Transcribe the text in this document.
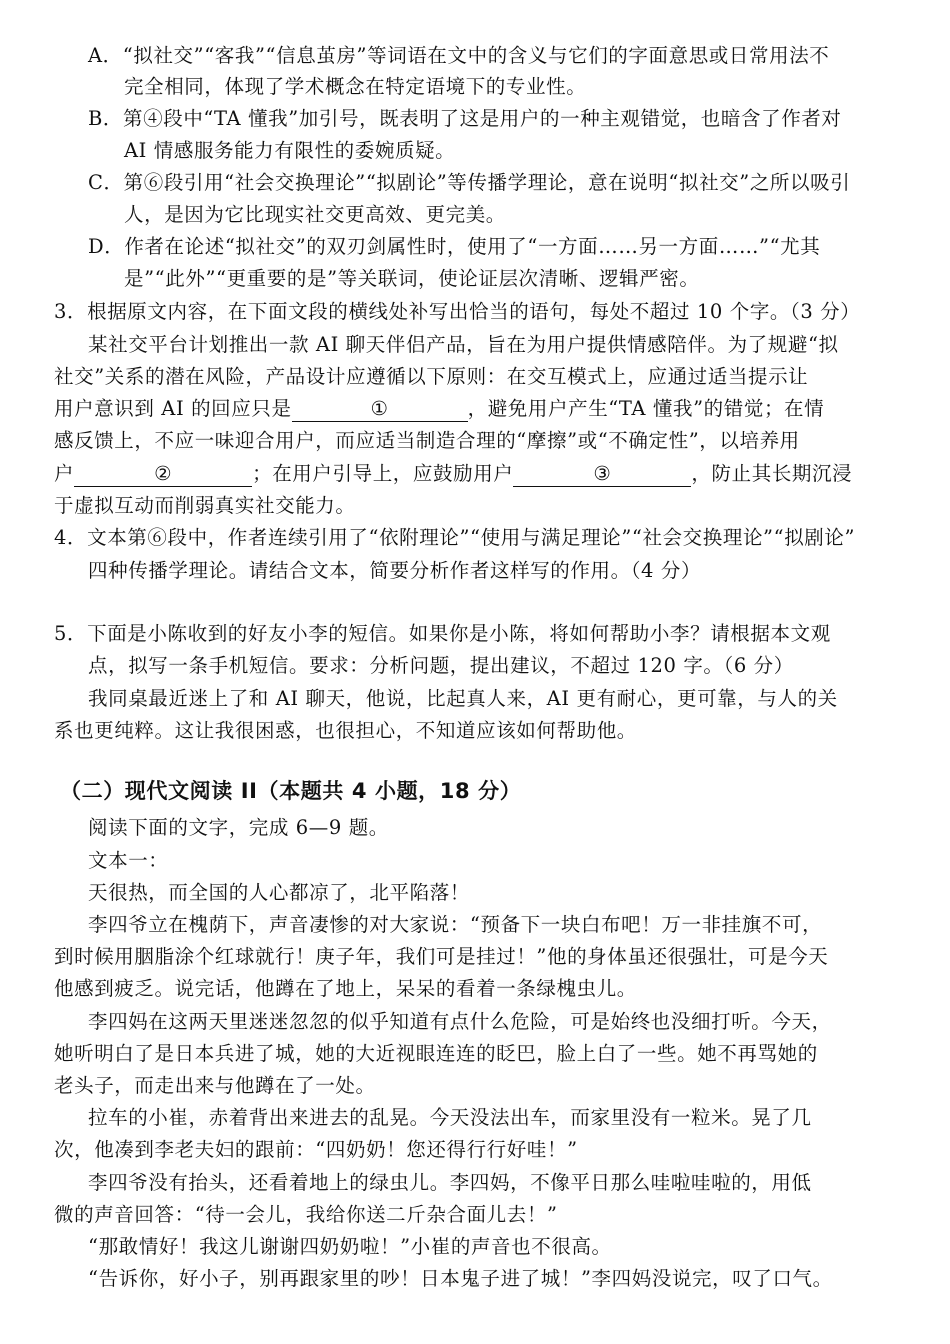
A．“拟社交”“客我”“信息茧房”等词语在文中的含义与它们的字面意思或日常用法不
完全相同，体现了学术概念在特定语境下的专业性。
B．第④段中“TA 懂我”加引号，既表明了这是用户的一种主观错觉，也暗含了作者对
AI 情感服务能力有限性的委婉质疑。
C．第⑥段引用“社会交换理论”“拟剧论”等传播学理论，意在说明“拟社交”之所以吸引
人，是因为它比现实社交更高效、更完美。
D．作者在论述“拟社交”的双刃剑属性时，使用了“一方面……另一方面……”“尤其
是”“此外”“更重要的是”等关联词，使论证层次清晰、逻辑严密。
3．根据原文内容，在下面文段的横线处补写出恰当的语句，每处不超过 10 个字。（3 分）
某社交平台计划推出一款 AI 聊天伴侣产品，旨在为用户提供情感陪伴。为了规避“拟
社交”关系的潜在风险，产品设计应遵循以下原则：在交互模式上，应通过适当提示让
用户意识到 AI 的回应只是	①	，避免用户产生“TA 懂我”的错觉；在情
感反馈上，不应一味迎合用户，而应适当制造合理的“摩擦”或“不确定性”，以培养用
户	②	；在用户引导上，应鼓励用户	③	，防止其长期沉浸
于虚拟互动而削弱真实社交能力。
4．文本第⑥段中，作者连续引用了“依附理论”“使用与满足理论”“社会交换理论”“拟剧论”
四种传播学理论。请结合文本，简要分析作者这样写的作用。（4 分）
5．下面是小陈收到的好友小李的短信。如果你是小陈，将如何帮助小李？请根据本文观
点，拟写一条手机短信。要求：分析问题，提出建议，不超过 120 字。（6 分）
我同桌最近迷上了和 AI 聊天，他说，比起真人来，AI 更有耐心，更可靠，与人的关
系也更纯粹。这让我很困惑，也很担心，不知道应该如何帮助他。
（二）现代文阅读 II（本题共 4 小题，18 分）
阅读下面的文字，完成 6—9 题。
文本一：
天很热，而全国的人心都凉了，北平陷落！
李四爷立在槐荫下，声音凄惨的对大家说：“预备下一块白布吧！万一非挂旗不可，
到时候用胭脂涂个红球就行！庚子年，我们可是挂过！”他的身体虽还很强壮，可是今天
他感到疲乏。说完话，他蹲在了地上，呆呆的看着一条绿槐虫儿。
李四妈在这两天里迷迷忽忽的似乎知道有点什么危险，可是始终也没细打听。今天，
她听明白了是日本兵进了城，她的大近视眼连连的眨巴，脸上白了一些。她不再骂她的
老头子，而走出来与他蹲在了一处。
拉车的小崔，赤着背出来进去的乱晃。今天没法出车，而家里没有一粒米。晃了几
次，他凑到李老夫妇的跟前：“四奶奶！您还得行行好哇！”
李四爷没有抬头，还看着地上的绿虫儿。李四妈，不像平日那么哇啦哇啦的，用低
微的声音回答：“待一会儿，我给你送二斤杂合面儿去！”
“那敢情好！我这儿谢谢四奶奶啦！”小崔的声音也不很高。
“告诉你，好小子，别再跟家里的吵！日本鬼子进了城！”李四妈没说完，叹了口气。
